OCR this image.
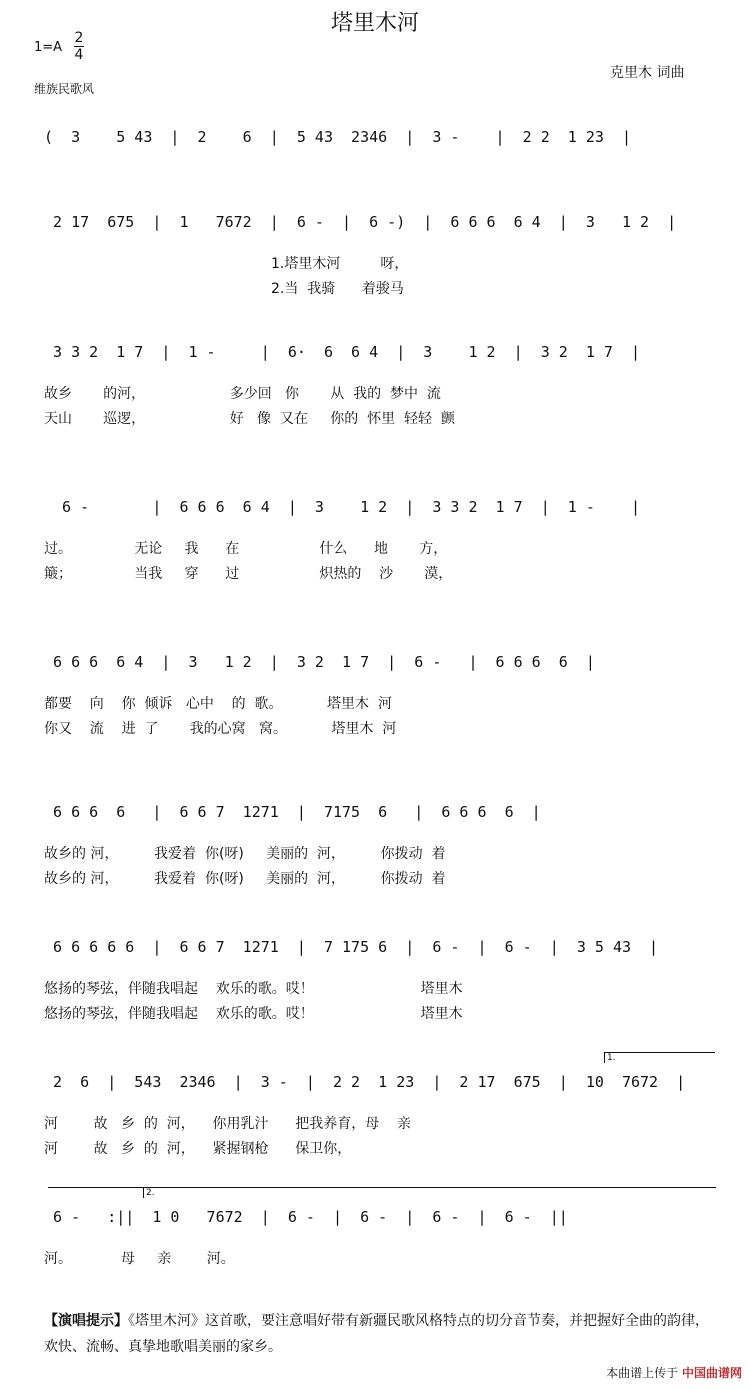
塔里木河
1=A
2
4
维族民歌风
克里木 词曲
(  3    5 43  |  2    6  |  5 43  2346  |  3 -    |  2 2  1 23  |
2 17  675  |  1   7672  |  6 -  |  6 -)  |  6 6 6  6 4  |  3   1 2  |
1.塔里木河         呀，
2.当  我骑      着骏马
3 3 2  1 7  |  1 -     |  6·  6  6 4  |  3    1 2  |  3 2  1 7  |
故乡       的河，                   多少回   你       从  我的  梦中  流
天山       巡逻，                   好   像  又在     你的  怀里  轻轻  颤
6 -       |  6 6 6  6 4  |  3    1 2  |  3 3 2  1 7  |  1 -    |
过。              无论     我      在                  什么      地       方，
簸；              当我     穿      过                  炽热的    沙       漠，
6 6 6  6 4  |  3   1 2  |  3 2  1 7  |  6 -   |  6 6 6  6  |
都要    向    你  倾诉   心中    的  歌。          塔里木  河
你又    流    进  了       我的心窝   窝。          塔里木  河
6 6 6  6   |  6 6 7  1271  |  7175  6   |  6 6 6  6  |
故乡的 河，        我爱着  你(呀)     美丽的  河，        你拨动  着
故乡的 河，        我爱着  你(呀)     美丽的  河，        你拨动  着
6 6 6 6 6  |  6 6 7  1271  |  7 175 6  |  6 -  |  6 -  |  3 5 43  |
悠扬的琴弦，伴随我唱起    欢乐的歌。哎！                        塔里木
悠扬的琴弦，伴随我唱起    欢乐的歌。哎！                        塔里木
2  6  |  543  2346  |  3 -  |  2 2  1 23  |  2 17  675  |  10  7672  |
河        故   乡  的  河，    你用乳汁      把我养育，母    亲
河        故   乡  的  河，    紧握钢枪      保卫你，
6 -   :||  1 0   7672  |  6 -  |  6 -  |  6 -  |  6 -  ||
河。           母     亲        河。
【演唱提示】《塔里木河》这首歌，要注意唱好带有新疆民歌风格特点的切分音节奏，并把握好全曲的韵律，欢快、流畅、真挚地歌唱美丽的家乡。
本曲谱上传于 中国曲谱网
1.
2.
